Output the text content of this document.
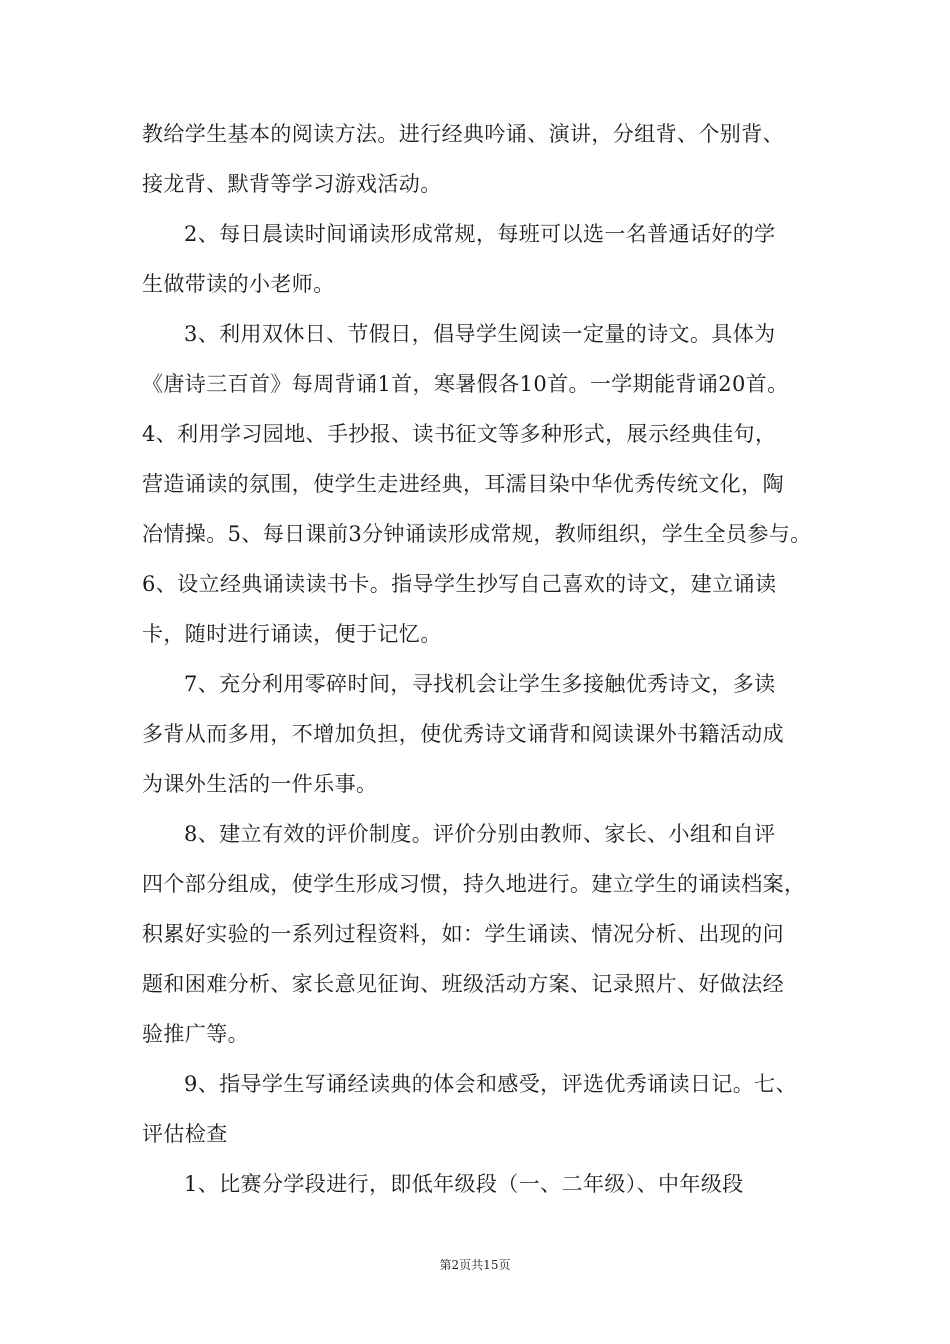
教给学生基本的阅读方法。进行经典吟诵、演讲，分组背、个别背、
接龙背、默背等学习游戏活动。
2、每日晨读时间诵读形成常规，每班可以选一名普通话好的学
生做带读的小老师。
3、利用双休日、节假日，倡导学生阅读一定量的诗文。具体为
《唐诗三百首》每周背诵1首，寒暑假各10首。一学期能背诵20首。
4、利用学习园地、手抄报、读书征文等多种形式，展示经典佳句，
营造诵读的氛围，使学生走进经典，耳濡目染中华优秀传统文化，陶
冶情操。5、每日课前3分钟诵读形成常规，教师组织，学生全员参与。
6、设立经典诵读读书卡。指导学生抄写自己喜欢的诗文，建立诵读
卡，随时进行诵读，便于记忆。
7、充分利用零碎时间，寻找机会让学生多接触优秀诗文，多读
多背从而多用，不增加负担，使优秀诗文诵背和阅读课外书籍活动成
为课外生活的一件乐事。
8、建立有效的评价制度。评价分别由教师、家长、小组和自评
四个部分组成，使学生形成习惯，持久地进行。建立学生的诵读档案，
积累好实验的一系列过程资料，如：学生诵读、情况分析、出现的问
题和困难分析、家长意见征询、班级活动方案、记录照片、好做法经
验推广等。
9、指导学生写诵经读典的体会和感受，评选优秀诵读日记。七、
评估检查
1、比赛分学段进行，即低年级段（一、二年级）、中年级段
第2页共15页
